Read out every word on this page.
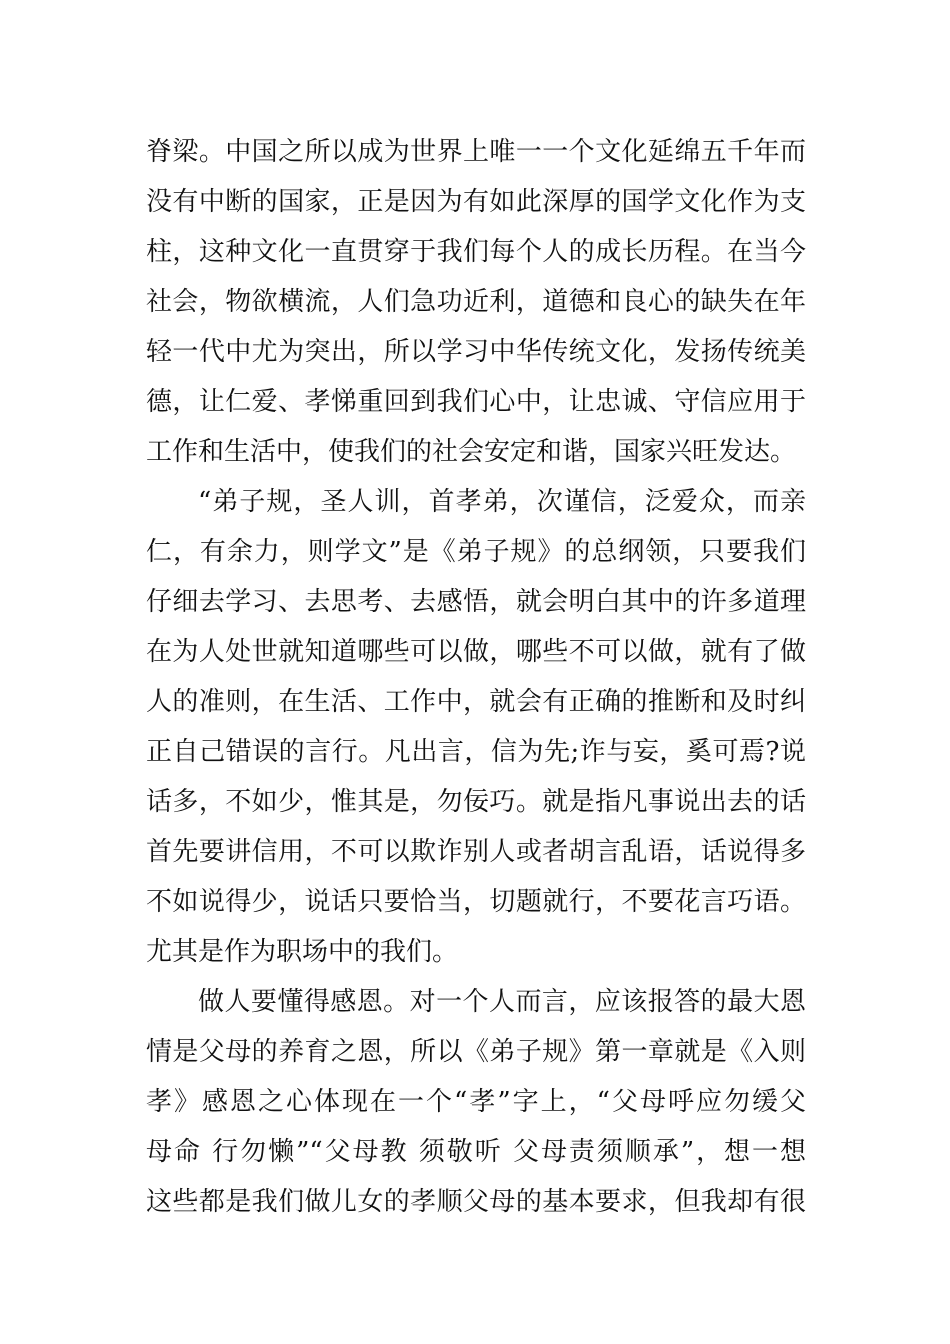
脊梁。中国之所以成为世界上唯一一个文化延绵五千年而
没有中断的国家，正是因为有如此深厚的国学文化作为支
柱，这种文化一直贯穿于我们每个人的成长历程。在当今
社会，物欲横流，人们急功近利，道德和良心的缺失在年
轻一代中尤为突出，所以学习中华传统文化，发扬传统美
德，让仁爱、孝悌重回到我们心中，让忠诚、守信应用于
工作和生活中，使我们的社会安定和谐，国家兴旺发达。
“弟子规，圣人训，首孝弟，次谨信，泛爱众，而亲
仁，有余力，则学文”是《弟子规》的总纲领，只要我们
仔细去学习、去思考、去感悟，就会明白其中的许多道理
在为人处世就知道哪些可以做，哪些不可以做，就有了做
人的准则，在生活、工作中，就会有正确的推断和及时纠
正自己错误的言行。凡出言，信为先;诈与妄，奚可焉?说
话多，不如少，惟其是，勿佞巧。就是指凡事说出去的话
首先要讲信用，不可以欺诈别人或者胡言乱语，话说得多
不如说得少，说话只要恰当，切题就行，不要花言巧语。
尤其是作为职场中的我们。
做人要懂得感恩。对一个人而言，应该报答的最大恩
情是父母的养育之恩，所以《弟子规》第一章就是《入则
孝》感恩之心体现在一个“孝”字上，“父母呼应勿缓父
母命 行勿懒”“父母教 须敬听 父母责须顺承”，想一想
这些都是我们做儿女的孝顺父母的基本要求，但我却有很
